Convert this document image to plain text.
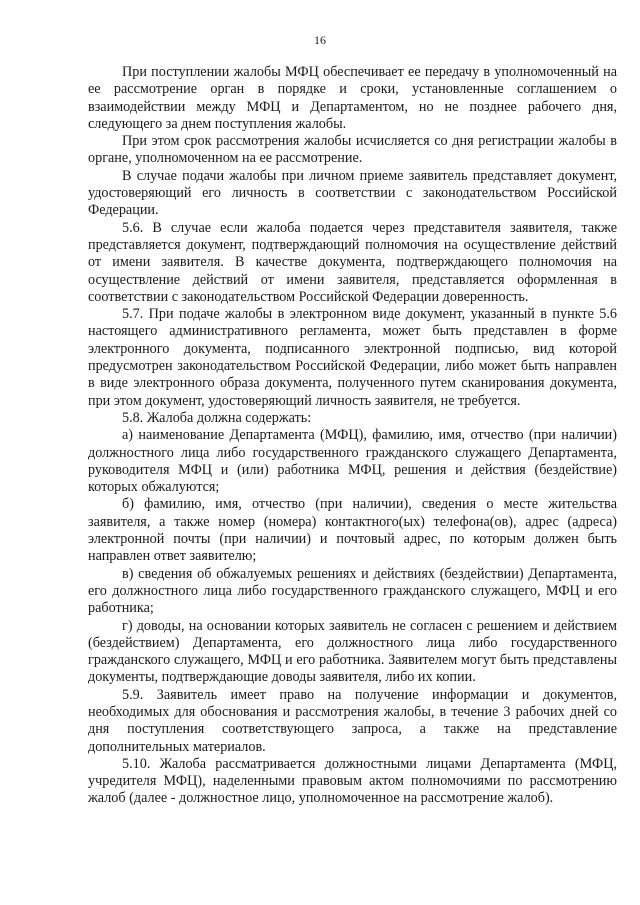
16

При поступлении жалобы МФЦ обеспечивает ее передачу в уполномоченный на ее рассмотрение орган в порядке и сроки, установленные соглашением о взаимодействии между МФЦ и Департаментом, но не позднее рабочего дня, следующего за днем поступления жалобы.

При этом срок рассмотрения жалобы исчисляется со дня регистрации жалобы в органе, уполномоченном на ее рассмотрение.

В случае подачи жалобы при личном приеме заявитель представляет документ, удостоверяющий его личность в соответствии с законодательством Российской Федерации.

5.6. В случае если жалоба подается через представителя заявителя, также представляется документ, подтверждающий полномочия на осуществление действий от имени заявителя. В качестве документа, подтверждающего полномочия на осуществление действий от имени заявителя, представляется оформленная в соответствии с законодательством Российской Федерации доверенность.

5.7. При подаче жалобы в электронном виде документ, указанный в пункте 5.6 настоящего административного регламента, может быть представлен в форме электронного документа, подписанного электронной подписью, вид которой предусмотрен законодательством Российской Федерации, либо может быть направлен в виде электронного образа документа, полученного путем сканирования документа, при этом документ, удостоверяющий личность заявителя, не требуется.

5.8. Жалоба должна содержать:

а) наименование Департамента (МФЦ), фамилию, имя, отчество (при наличии) должностного лица либо государственного гражданского служащего Департамента, руководителя МФЦ и (или) работника МФЦ, решения и действия (бездействие) которых обжалуются;

б) фамилию, имя, отчество (при наличии), сведения о месте жительства заявителя, а также номер (номера) контактного(ых) телефона(ов), адрес (адреса) электронной почты (при наличии) и почтовый адрес, по которым должен быть направлен ответ заявителю;

в) сведения об обжалуемых решениях и действиях (бездействии) Департамента, его должностного лица либо государственного гражданского служащего, МФЦ и его работника;

г) доводы, на основании которых заявитель не согласен с решением и действием (бездействием) Департамента, его должностного лица либо государственного гражданского служащего, МФЦ и его работника. Заявителем могут быть представлены документы, подтверждающие доводы заявителя, либо их копии.

5.9. Заявитель имеет право на получение информации и документов, необходимых для обоснования и рассмотрения жалобы, в течение 3 рабочих дней со дня поступления соответствующего запроса, а также на представление дополнительных материалов.

5.10. Жалоба рассматривается должностными лицами Департамента (МФЦ, учредителя МФЦ), наделенными правовым актом полномочиями по рассмотрению жалоб (далее - должностное лицо, уполномоченное на рассмотрение жалоб).
